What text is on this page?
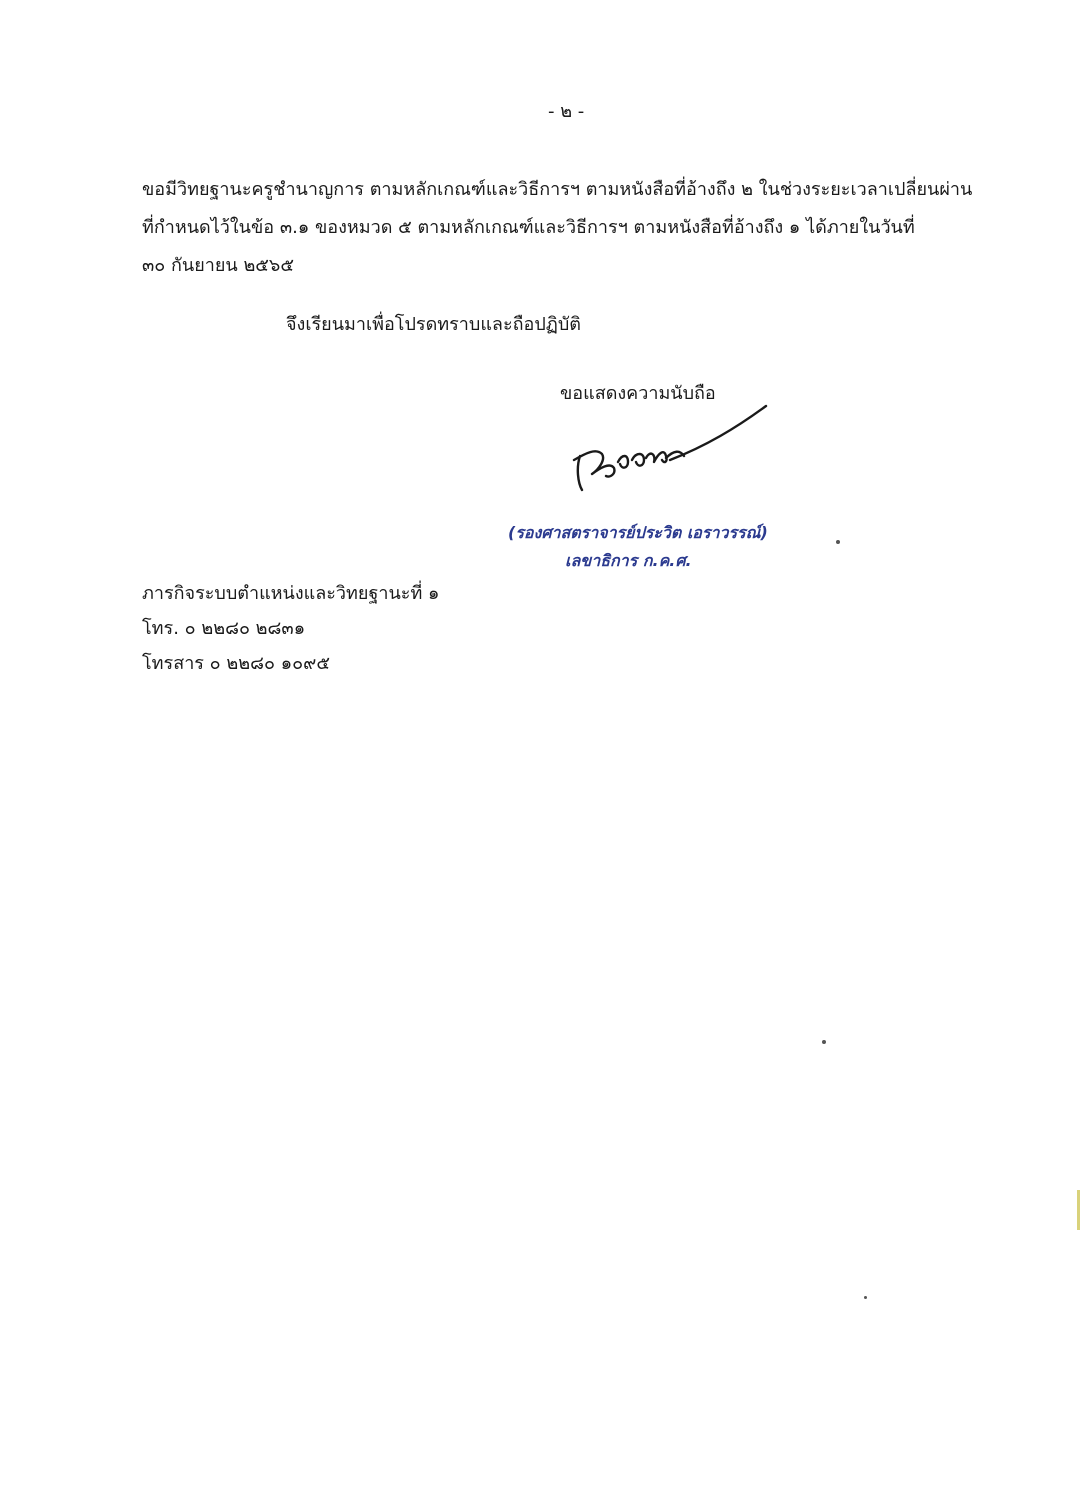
- ๒ -
ขอมีวิทยฐานะครูชำนาญการ ตามหลักเกณฑ์และวิธีการฯ ตามหนังสือที่อ้างถึง ๒ ในช่วงระยะเวลาเปลี่ยนผ่าน
ที่กำหนดไว้ในข้อ ๓.๑ ของหมวด ๕ ตามหลักเกณฑ์และวิธีการฯ ตามหนังสือที่อ้างถึง ๑ ได้ภายในวันที่
๓๐ กันยายน ๒๕๖๕
จึงเรียนมาเพื่อโปรดทราบและถือปฏิบัติ
ขอแสดงความนับถือ
(รองศาสตราจารย์ประวิต เอราวรรณ์)
เลขาธิการ ก.ค.ศ.
ภารกิจระบบตำแหน่งและวิทยฐานะที่ ๑
โทร. ๐ ๒๒๘๐ ๒๘๓๑
โทรสาร ๐ ๒๒๘๐ ๑๐๙๕
